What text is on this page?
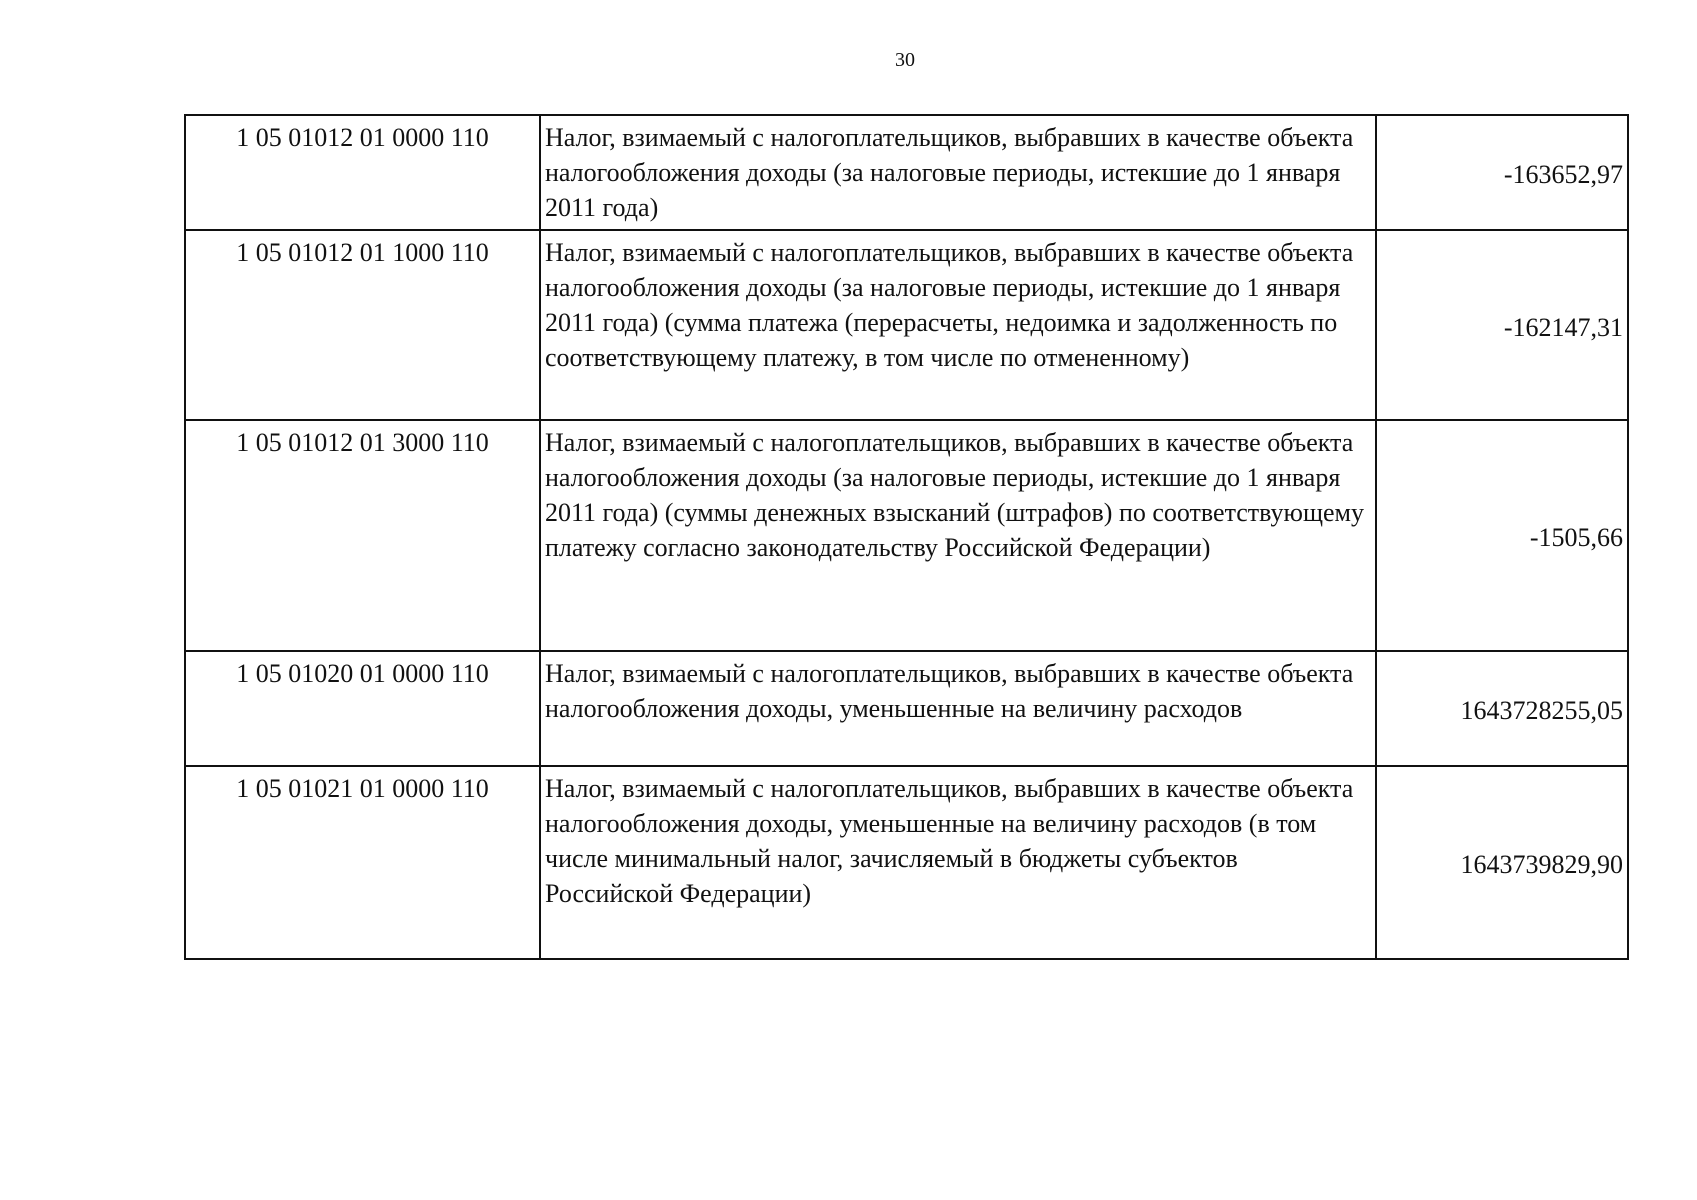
30
1 05 01012 01 0000 110	Налог, взимаемый с налогоплательщиков, выбравших в качестве объекта налогообложения доходы (за налоговые периоды, истекшие до 1 января 2011 года)	-163652,97
1 05 01012 01 1000 110	Налог, взимаемый с налогоплательщиков, выбравших в качестве объекта налогообложения доходы (за налоговые периоды, истекшие до 1 января 2011 года) (сумма платежа (перерасчеты, недоимка и задолженность по соответствующему платежу, в том числе по отмененному)	-162147,31
1 05 01012 01 3000 110	Налог, взимаемый с налогоплательщиков, выбравших в качестве объекта налогообложения доходы (за налоговые периоды, истекшие до 1 января 2011 года) (суммы денежных взысканий (штрафов) по соответствующему платежу согласно законодательству Российской Федерации)	-1505,66
1 05 01020 01 0000 110	Налог, взимаемый с налогоплательщиков, выбравших в качестве объекта налогообложения доходы, уменьшенные на величину расходов	1643728255,05
1 05 01021 01 0000 110	Налог, взимаемый с налогоплательщиков, выбравших в качестве объекта налогообложения доходы, уменьшенные на величину расходов (в том числе минимальный налог, зачисляемый в бюджеты субъектов Российской Федерации)	1643739829,90
